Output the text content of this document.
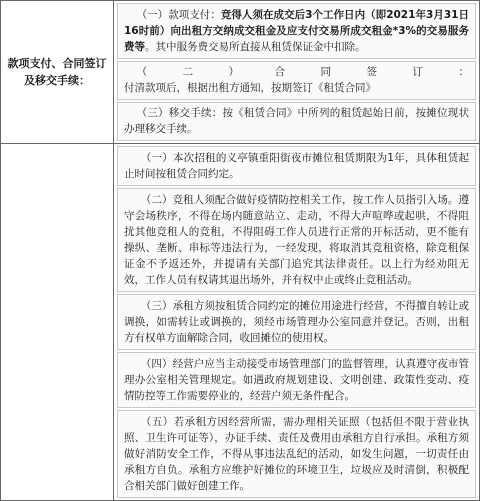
款项支付、合同签订及移交手续：	（一）款项支付：竞得人须在成交后3个工作日内（即2021年3月31日16时前）向出租方交纳成交租金及应支付交易所成交租金*3%的交易服务费等。其中服务费交易所直接从租赁保证金中扣除。
（二）合同签订：付清款项后，根据出租方通知，按期签订《租赁合同》
（三）移交手续：按《租赁合同》中所列的租赁起始日前，按摊位现状办理移交手续。

	（一）本次招租的义亭镇重阳街夜市摊位租赁期限为1年，具体租赁起止时间按租赁合同约定。
（二）竞租人须配合做好疫情防控相关工作，按工作人员指引入场。遵守会场秩序，不得在场内随意站立、走动，不得大声喧哗或起哄，不得阻扰其他竞租人的竞租，不得阻碍工作人员进行正常的开标活动，更不能有操纵、垄断、串标等违法行为，一经发现，将取消其竞租资格，除竞租保证金不予返还外，并提请有关部门追究其法律责任。以上行为经劝阻无效，工作人员有权请其退出场外，并有权中止或终止竞租活动。
（三）承租方须按租赁合同约定的摊位用途进行经营，不得擅自转让或调换，如需转让或调换的，须经市场管理办公室同意并登记。否则，出租方有权单方面解除合同，收回摊位的使用权。
（四）经营户应当主动接受市场管理部门的监督管理，认真遵守夜市管理办公室相关管理规定。如遇政府规划建设、文明创建、政策性变动、疫情防控等工作需要停业的，经营户须无条件配合。
（五）若承租方因经营所需，需办理相关证照（包括但不限于营业执照、卫生许可证等），办证手续、责任及费用由承租方自行承担。承租方须做好消防安全工作，不得从事违法乱纪的活动，如发生问题，一切责任由承租方自负。承租方应维护好摊位的环境卫生，垃圾应及时清倒，积极配合相关部门做好创建工作。
